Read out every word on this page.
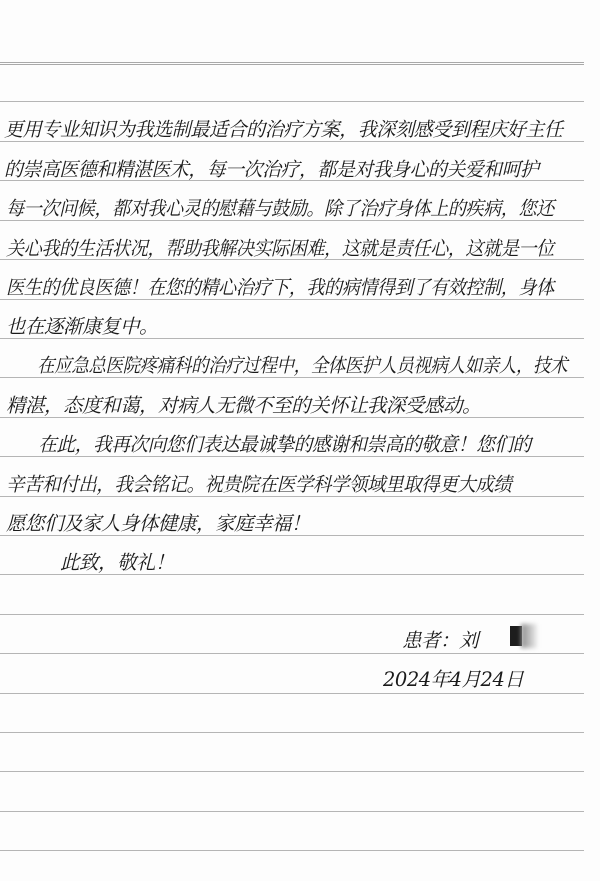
更用专业知识为我选制最适合的治疗方案，我深刻感受到程庆好主任
的崇高医德和精湛医术，每一次治疗，都是对我身心的关爱和呵护
每一次问候，都对我心灵的慰藉与鼓励。除了治疗身体上的疾病，您还
关心我的生活状况，帮助我解决实际困难，这就是责任心，这就是一位
医生的优良医德！在您的精心治疗下，我的病情得到了有效控制，身体
也在逐渐康复中。
　在应急总医院疼痛科的治疗过程中，全体医护人员视病人如亲人，技术
精湛，态度和蔼，对病人无微不至的关怀让我深受感动。
　在此，我再次向您们表达最诚挚的感谢和崇高的敬意！您们的
辛苦和付出，我会铭记。祝贵院在医学科学领域里取得更大成绩
愿您们及家人身体健康，家庭幸福！
此致，敬礼！
患者：刘
2024年4月24日
